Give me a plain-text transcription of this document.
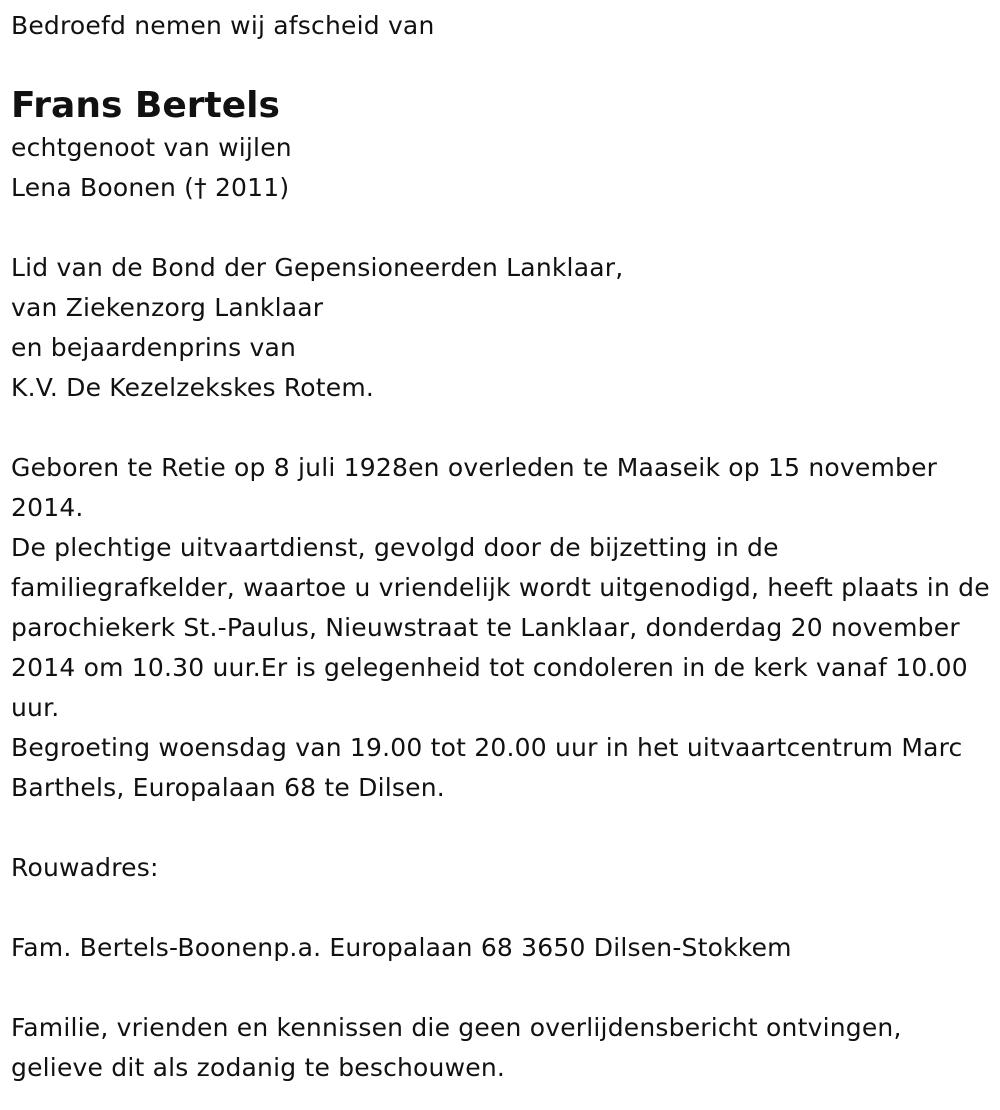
Bedroefd nemen wij afscheid van
Frans Bertels
echtgenoot van wijlen
Lena Boonen († 2011)
Lid van de Bond der Gepensioneerden Lanklaar,
van Ziekenzorg Lanklaar
en bejaardenprins van
K.V. De Kezelzekskes Rotem.

Geboren te Retie op 8 juli 1928en overleden te Maaseik op 15 november 2014.

De plechtige uitvaartdienst, gevolgd door de bijzetting in de familiegrafkelder, waartoe u vriendelijk wordt uitgenodigd, heeft plaats in de parochiekerk St.-Paulus, Nieuwstraat te Lanklaar, donderdag 20 november 2014 om 10.30 uur.Er is gelegenheid tot condoleren in de kerk vanaf 10.00 uur.

Begroeting woensdag van 19.00 tot 20.00 uur in het uitvaartcentrum Marc Barthels, Europalaan 68 te Dilsen.

Rouwadres:
Fam. Bertels-Boonenp.a. Europalaan 68 3650 Dilsen-Stokkem
Familie, vrienden en kennissen die geen overlijdensbericht ontvingen, gelieve dit als zodanig te beschouwen.
